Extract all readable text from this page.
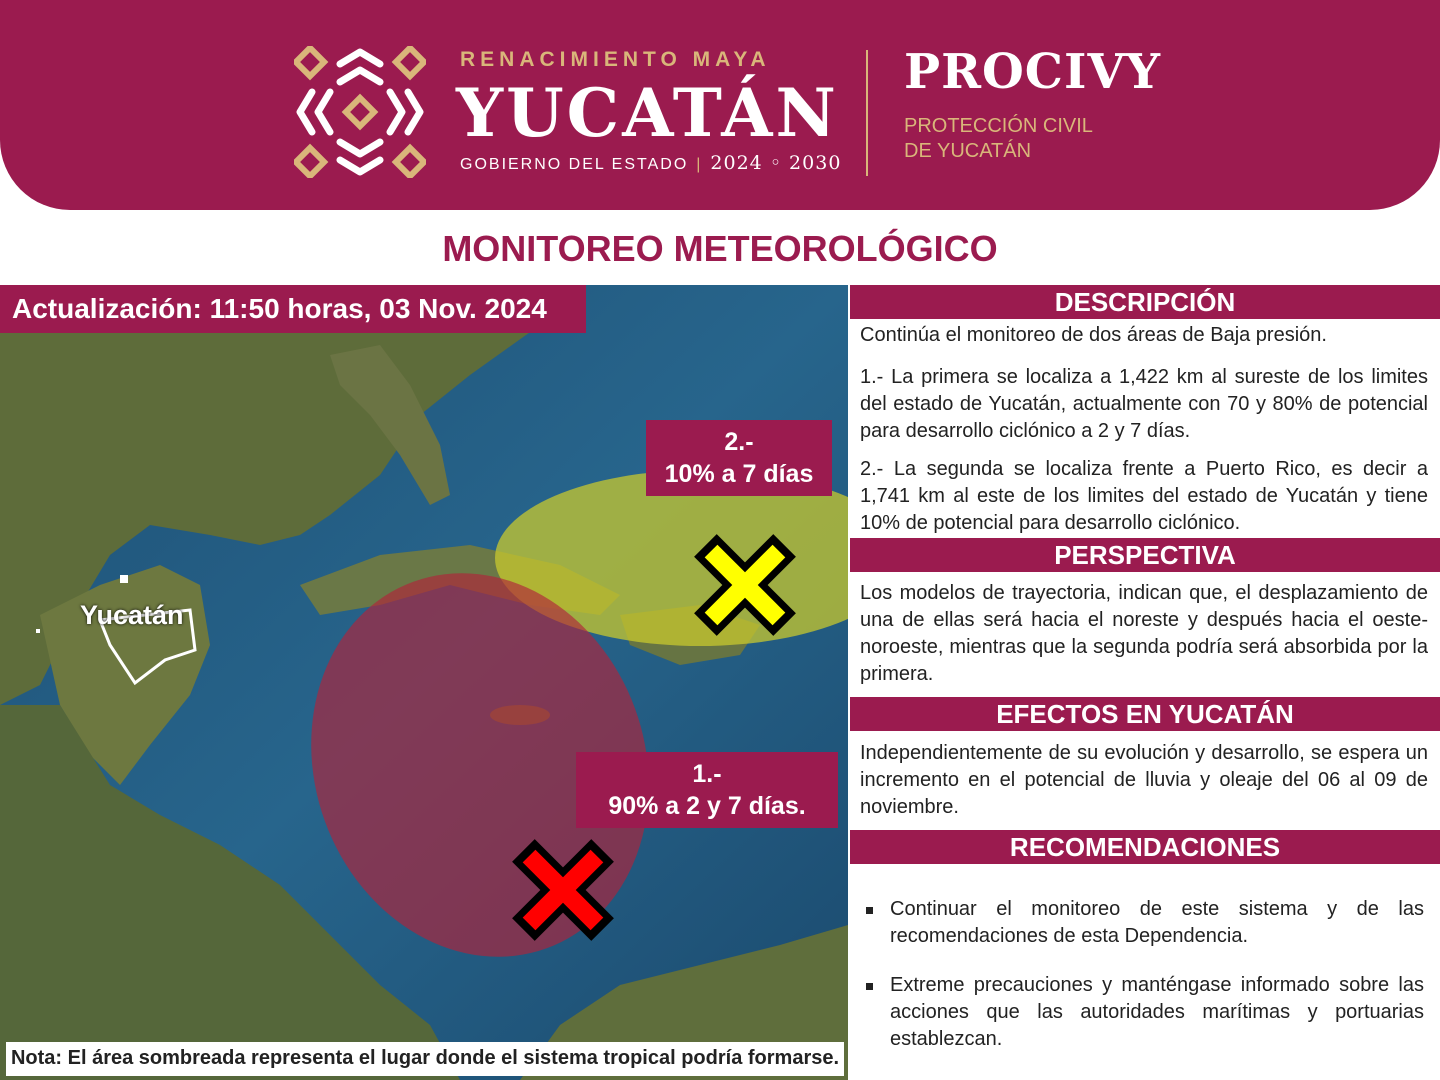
RENACIMIENTO MAYA
YUCATÁN
GOBIERNO DEL ESTADO | 2024 ◦ 2030
PROCIVY
PROTECCIÓN CIVIL
DE YUCATÁN
MONITOREO METEOROLÓGICO
Yucatán
Actualización: 11:50 horas, 03 Nov. 2024
2.-
10% a 7 días
1.-
90% a 2 y 7 días.
Nota: El área sombreada representa el lugar donde el sistema tropical podría formarse.
DESCRIPCIÓN
Continúa el monitoreo de dos áreas de Baja presión.
1.- La primera se localiza a 1,422 km al sureste de los limites del estado de Yucatán, actualmente con 70 y 80% de potencial para desarrollo ciclónico a 2 y 7 días.
2.- La segunda se localiza frente a Puerto Rico, es decir a 1,741 km al este de los limites del estado de Yucatán y tiene 10% de potencial para desarrollo ciclónico.
PERSPECTIVA
Los modelos de trayectoria, indican que, el desplazamiento de una de ellas será hacia el noreste y después hacia el oeste-noroeste, mientras que la segunda podría será absorbida por la primera.
EFECTOS EN YUCATÁN
Independientemente de su evolución y desarrollo, se espera un incremento en el potencial de lluvia y oleaje del 06 al 09 de noviembre.
RECOMENDACIONES
Continuar el monitoreo de este sistema y de las recomendaciones de esta Dependencia.
Extreme precauciones y manténgase informado sobre las acciones que las autoridades marítimas y portuarias establezcan.
